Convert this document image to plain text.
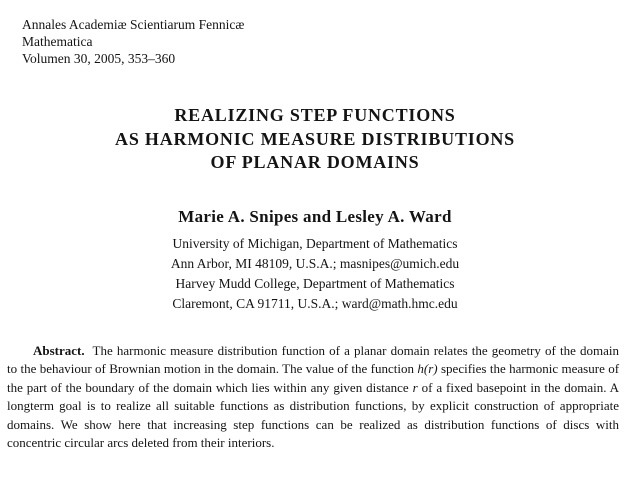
Annales Academiæ Scientiarum Fennicæ
Mathematica
Volumen 30, 2005, 353–360
REALIZING STEP FUNCTIONS
AS HARMONIC MEASURE DISTRIBUTIONS
OF PLANAR DOMAINS
Marie A. Snipes and Lesley A. Ward
University of Michigan, Department of Mathematics
Ann Arbor, MI 48109, U.S.A.; masnipes@umich.edu
Harvey Mudd College, Department of Mathematics
Claremont, CA 91711, U.S.A.; ward@math.hmc.edu

Abstract. The harmonic measure distribution function of a planar domain relates the geometry of the domain to the behaviour of Brownian motion in the domain. The value of the function h(r) specifies the harmonic measure of the part of the boundary of the domain which lies within any given distance r of a fixed basepoint in the domain. A longterm goal is to realize all suitable functions as distribution functions, by explicit construction of appropriate domains. We show here that increasing step functions can be realized as distribution functions of discs with concentric circular arcs deleted from their interiors.
